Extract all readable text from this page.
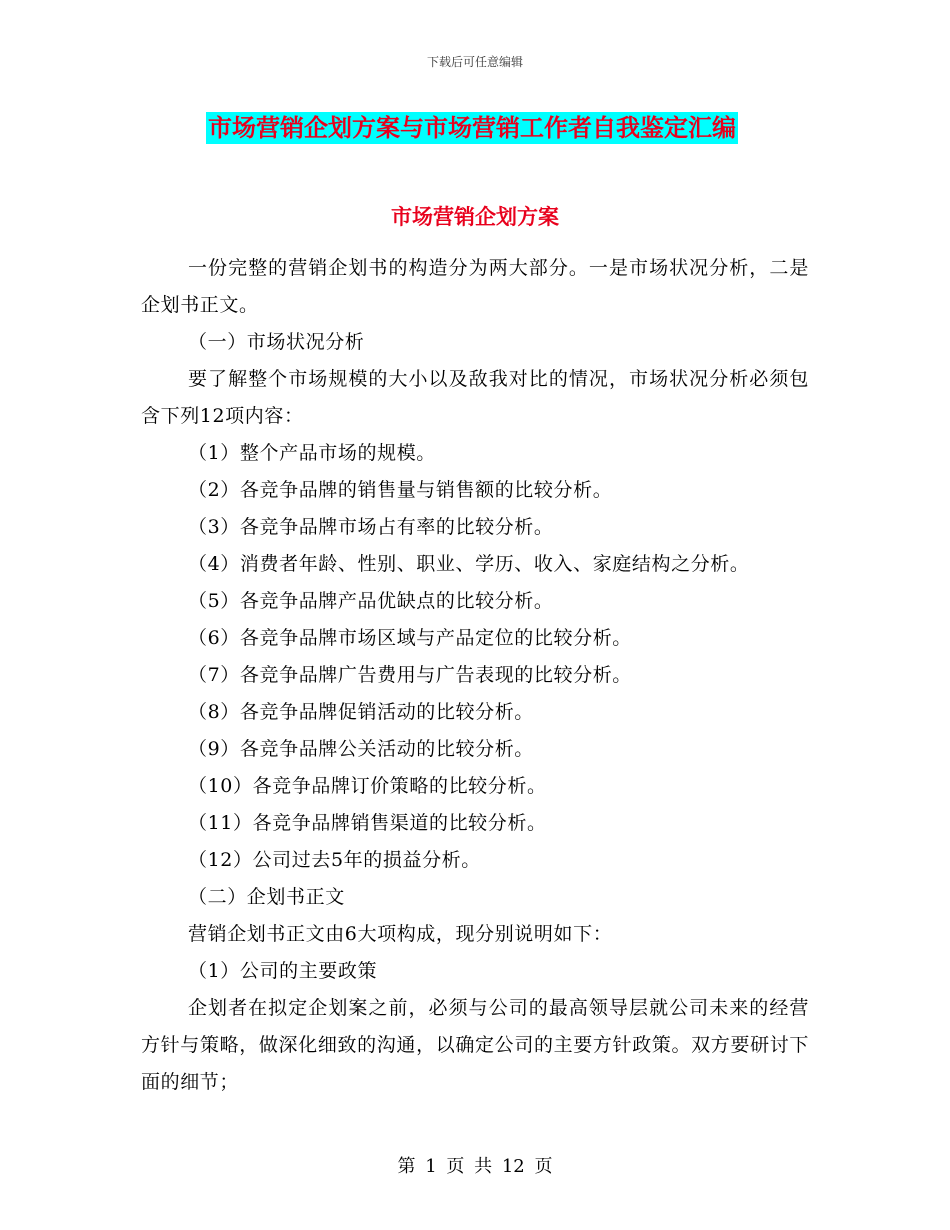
下载后可任意编辑
市场营销企划方案与市场营销工作者自我鉴定汇编
市场营销企划方案

一份完整的营销企划书的构造分为两大部分。一是市场状况分析，二是企划书正文。

（一）市场状况分析

要了解整个市场规模的大小以及敌我对比的情况，市场状况分析必须包含下列12项内容：

（1）整个产品市场的规模。

（2）各竞争品牌的销售量与销售额的比较分析。

（3）各竞争品牌市场占有率的比较分析。

（4）消费者年龄、性别、职业、学历、收入、家庭结构之分析。

（5）各竞争品牌产品优缺点的比较分析。

（6）各竞争品牌市场区域与产品定位的比较分析。

（7）各竞争品牌广告费用与广告表现的比较分析。

（8）各竞争品牌促销活动的比较分析。

（9）各竞争品牌公关活动的比较分析。

（10）各竞争品牌订价策略的比较分析。

（11）各竞争品牌销售渠道的比较分析。

（12）公司过去5年的损益分析。

（二）企划书正文

营销企划书正文由6大项构成，现分别说明如下：

（1）公司的主要政策

企划者在拟定企划案之前，必须与公司的最高领导层就公司未来的经营方针与策略，做深化细致的沟通，以确定公司的主要方针政策。双方要研讨下面的细节；

第 1 页 共 12 页
